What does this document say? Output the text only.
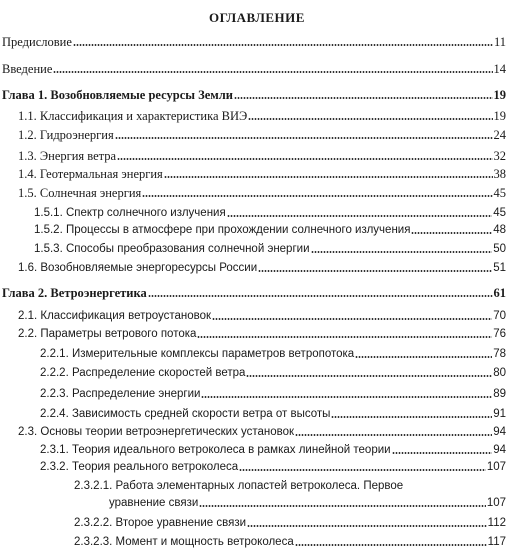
ОГЛАВЛЕНИЕ
Предисловие	11
Введение	14
Глава 1. Возобновляемые ресурсы Земли	19
1.1. Классификация и характеристика ВИЭ	19
1.2. Гидроэнергия	24
1.3. Энергия ветра	32
1.4. Геотермальная энергия	38
1.5. Солнечная энергия	45
1.5.1. Спектр солнечного излучения	45
1.5.2. Процессы в атмосфере при прохождении солнечного излучения	48
1.5.3. Способы преобразования солнечной энергии	50
1.6. Возобновляемые энергоресурсы России	51
Глава 2. Ветроэнергетика	61
2.1. Классификация ветроустановок	70
2.2. Параметры ветрового потока	76
2.2.1. Измерительные комплексы параметров ветропотока	78
2.2.2. Распределение скоростей ветра	80
2.2.3. Распределение энергии	89
2.2.4. Зависимость средней скорости ветра от высоты	91
2.3. Основы теории ветроэнергетических установок	94
2.3.1. Теория идеального ветроколеса в рамках линейной теории	94
2.3.2. Теория реального ветроколеса	107
2.3.2.1. Работа элементарных лопастей ветроколеса. Первое
уравнение связи	107
2.3.2.2. Второе уравнение связи	112
2.3.2.3. Момент и мощность ветроколеса	117
